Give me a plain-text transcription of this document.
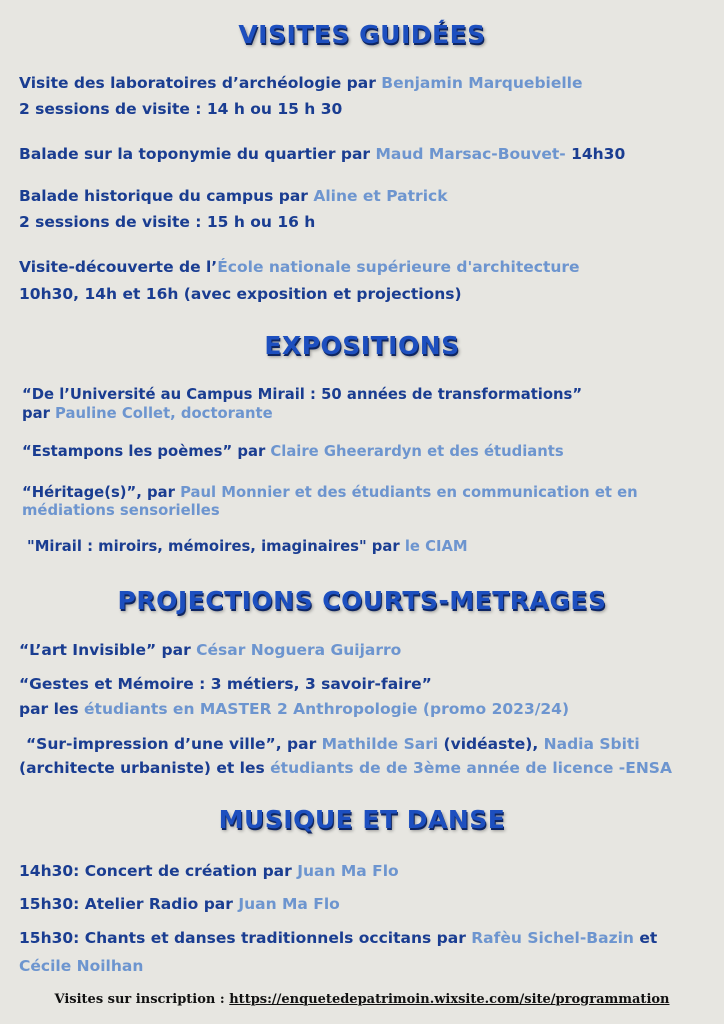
VISITES GUIDÉES
Visite des laboratoires d’archéologie par Benjamin Marquebielle
2 sessions de visite : 14 h ou 15 h 30
Balade sur la toponymie du quartier par Maud Marsac-Bouvet- 14h30
Balade historique du campus par Aline et Patrick
2 sessions de visite : 15 h ou 16 h
Visite-découverte de l’École nationale supérieure d'architecture
10h30, 14h et 16h (avec exposition et projections)
EXPOSITIONS
“De l’Université au Campus Mirail : 50 années de transformations”
par Pauline Collet, doctorante
“Estampons les poèmes” par Claire Gheerardyn et des étudiants
“Héritage(s)”, par Paul Monnier et des étudiants en communication et en
médiations sensorielles
"Mirail : miroirs, mémoires, imaginaires" par le CIAM
PROJECTIONS COURTS-METRAGES
“L’art Invisible” par César Noguera Guijarro
“Gestes et Mémoire : 3 métiers, 3 savoir-faire”
par les étudiants en MASTER 2 Anthropologie (promo 2023/24)
“Sur-impression d’une ville”, par Mathilde Sari (vidéaste), Nadia Sbiti
(architecte urbaniste) et les étudiants de de 3ème année de licence -ENSA
MUSIQUE ET DANSE
14h30: Concert de création par Juan Ma Flo
15h30: Atelier Radio par Juan Ma Flo
15h30: Chants et danses traditionnels occitans par Rafèu Sichel-Bazin et
Cécile Noilhan
Visites sur inscription : https://enquetedepatrimoin.wixsite.com/site/programmation
